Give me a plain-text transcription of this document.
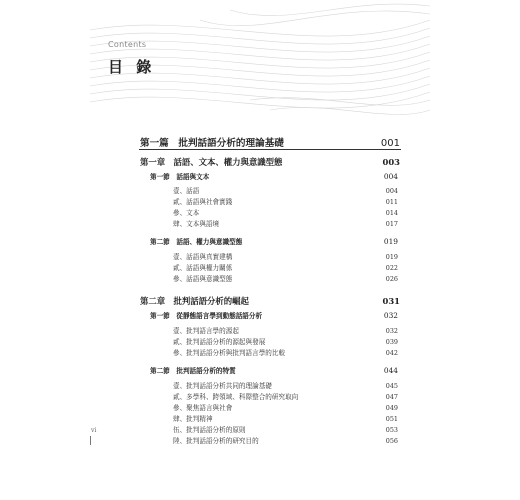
Contents
目 錄
第一篇　批判話語分析的理論基礎	001
第一章　話語、文本、權力與意識型態	003
第一節　話語與文本	004
壹、話語	004
貳、話語與社會實踐	011
參、文本	014
肆、文本與語境	017
第二節　話語、權力與意識型態	019
壹、話語與真實建構	019
貳、話語與權力關係	022
參、話語與意識型態	026
第二章　批判話語分析的崛起	031
第一節　從靜態語言學到動態話語分析	032
壹、批判語言學的源起	032
貳、批判話語分析的源起與發展	039
參、批判話語分析與批判語言學的比較	042
第二節　批判話語分析的特質	044
壹、批判話語分析共同的理論基礎	045
貳、多學科、跨領域、科際整合的研究取向	047
參、聚焦語言與社會	049
肆、批判精神	051
伍、批判話語分析的原則	053
陸、批判話語分析的研究目的	056
vi
